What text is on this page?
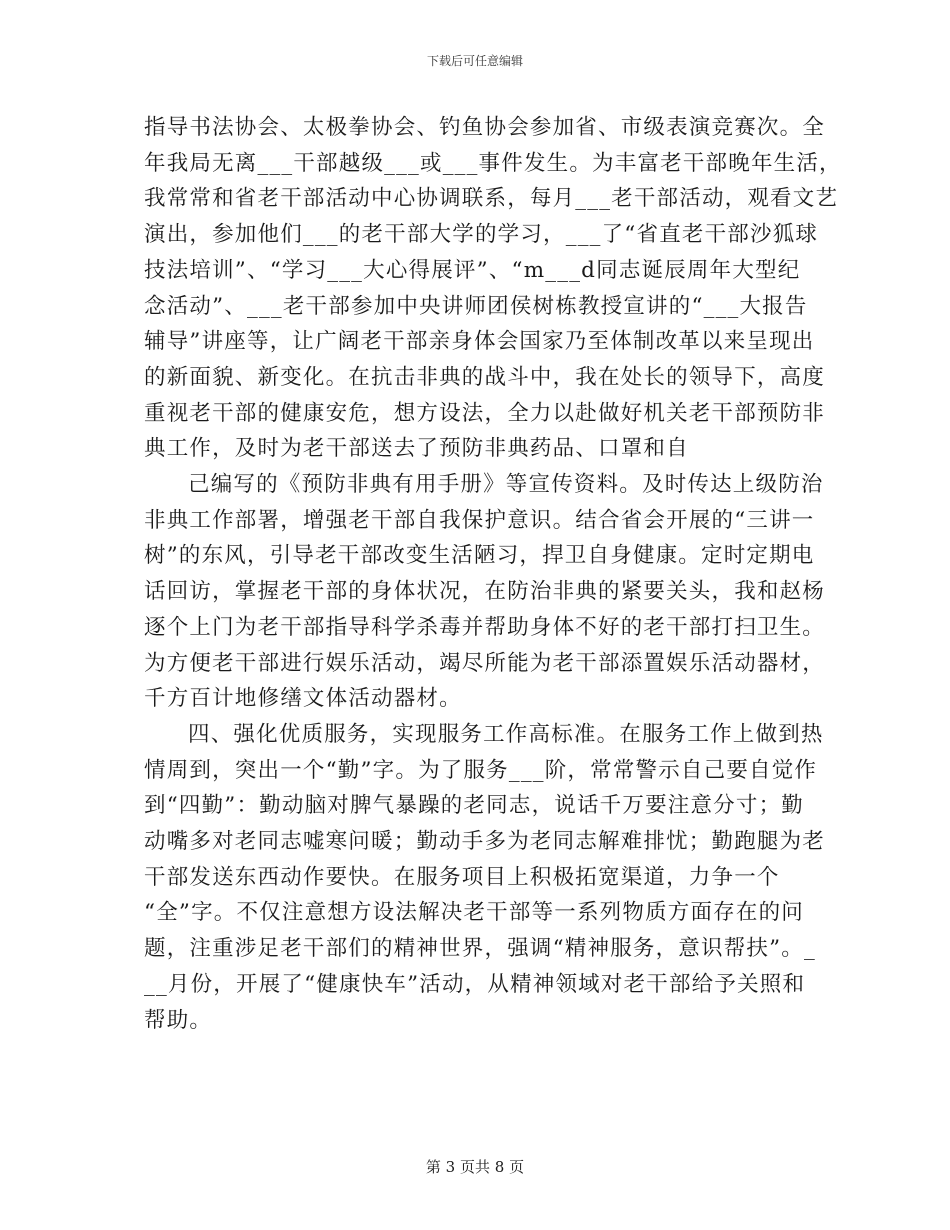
下载后可任意编辑
指导书法协会、太极拳协会、钓鱼协会参加省、市级表演竞赛次。全
年我局无离___干部越级___或___事件发生。为丰富老干部晚年生活，
我常常和省老干部活动中心协调联系，每月___老干部活动，观看文艺
演出，参加他们___的老干部大学的学习，___了“省直老干部沙狐球
技法培训”、“学习___大心得展评”、“m___d同志诞辰周年大型纪
念活动”、___老干部参加中央讲师团侯树栋教授宣讲的“___大报告
辅导”讲座等，让广阔老干部亲身体会国家乃至体制改革以来呈现出
的新面貌、新变化。在抗击非典的战斗中，我在处长的领导下，高度
重视老干部的健康安危，想方设法，全力以赴做好机关老干部预防非
典工作，及时为老干部送去了预防非典药品、口罩和自
己编写的《预防非典有用手册》等宣传资料。及时传达上级防治
非典工作部署，增强老干部自我保护意识。结合省会开展的“三讲一
树”的东风，引导老干部改变生活陋习，捍卫自身健康。定时定期电
话回访，掌握老干部的身体状况，在防治非典的紧要关头，我和赵杨
逐个上门为老干部指导科学杀毒并帮助身体不好的老干部打扫卫生。
为方便老干部进行娱乐活动，竭尽所能为老干部添置娱乐活动器材，
千方百计地修缮文体活动器材。
四、强化优质服务，实现服务工作高标准。在服务工作上做到热
情周到，突出一个“勤”字。为了服务___阶，常常警示自己要自觉作
到“四勤”：勤动脑对脾气暴躁的老同志，说话千万要注意分寸；勤
动嘴多对老同志嘘寒问暖；勤动手多为老同志解难排忧；勤跑腿为老
干部发送东西动作要快。在服务项目上积极拓宽渠道，力争一个
“全”字。不仅注意想方设法解决老干部等一系列物质方面存在的问
题，注重涉足老干部们的精神世界，强调“精神服务，意识帮扶”。_
__月份，开展了“健康快车”活动，从精神领域对老干部给予关照和
帮助。
第 3 页共 8 页
